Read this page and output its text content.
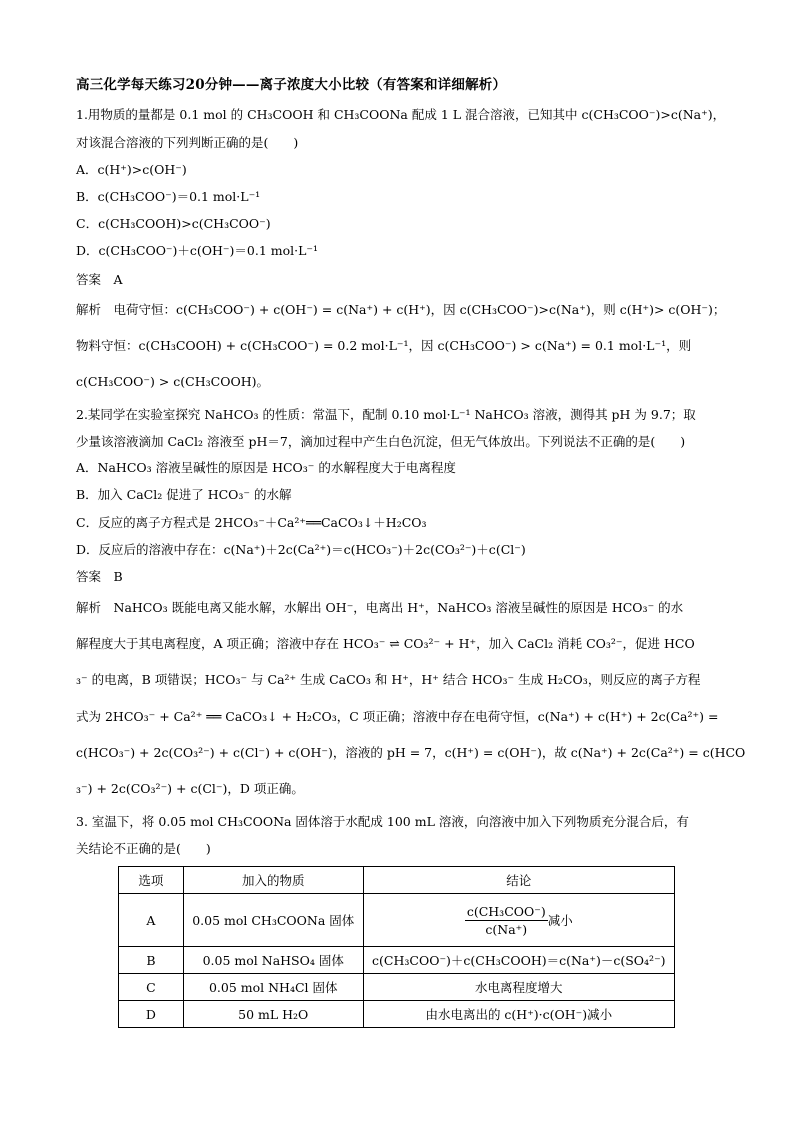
高三化学每天练习20分钟——离子浓度大小比较（有答案和详细解析）
1.用物质的量都是 0.1 mol 的 CH₃COOH 和 CH₃COONa 配成 1 L 混合溶液，已知其中 c(CH₃COO⁻)>c(Na⁺)，
对该混合溶液的下列判断正确的是(　　)
A．c(H⁺)>c(OH⁻)
B．c(CH₃COO⁻)＝0.1 mol·L⁻¹
C．c(CH₃COOH)>c(CH₃COO⁻)
D．c(CH₃COO⁻)＋c(OH⁻)＝0.1 mol·L⁻¹
答案　A
解析　电荷守恒：c(CH₃COO⁻) + c(OH⁻) = c(Na⁺) + c(H⁺)，因 c(CH₃COO⁻)>c(Na⁺)，则 c(H⁺)> c(OH⁻)；
物料守恒：c(CH₃COOH) + c(CH₃COO⁻) = 0.2 mol·L⁻¹，因 c(CH₃COO⁻) > c(Na⁺) = 0.1 mol·L⁻¹，则
c(CH₃COO⁻) > c(CH₃COOH)。
2.某同学在实验室探究 NaHCO₃ 的性质：常温下，配制 0.10 mol·L⁻¹ NaHCO₃ 溶液，测得其 pH 为 9.7；取
少量该溶液滴加 CaCl₂ 溶液至 pH＝7，滴加过程中产生白色沉淀，但无气体放出。下列说法不正确的是(　　)
A．NaHCO₃ 溶液呈碱性的原因是 HCO₃⁻ 的水解程度大于电离程度
B．加入 CaCl₂ 促进了 HCO₃⁻ 的水解
C．反应的离子方程式是 2HCO₃⁻＋Ca²⁺══CaCO₃↓＋H₂CO₃
D．反应后的溶液中存在：c(Na⁺)＋2c(Ca²⁺)＝c(HCO₃⁻)＋2c(CO₃²⁻)＋c(Cl⁻)
答案　B
解析　NaHCO₃ 既能电离又能水解，水解出 OH⁻，电离出 H⁺，NaHCO₃ 溶液呈碱性的原因是 HCO₃⁻ 的水
解程度大于其电离程度，A 项正确；溶液中存在 HCO₃⁻ ⇌ CO₃²⁻ + H⁺，加入 CaCl₂ 消耗 CO₃²⁻，促进 HCO
₃⁻ 的电离，B 项错误；HCO₃⁻ 与 Ca²⁺ 生成 CaCO₃ 和 H⁺，H⁺ 结合 HCO₃⁻ 生成 H₂CO₃，则反应的离子方程
式为 2HCO₃⁻ + Ca²⁺ ══ CaCO₃↓ + H₂CO₃，C 项正确；溶液中存在电荷守恒，c(Na⁺) + c(H⁺) + 2c(Ca²⁺) =
c(HCO₃⁻) + 2c(CO₃²⁻) + c(Cl⁻) + c(OH⁻)，溶液的 pH = 7，c(H⁺) = c(OH⁻)，故 c(Na⁺) + 2c(Ca²⁺) = c(HCO
₃⁻) + 2c(CO₃²⁻) + c(Cl⁻)，D 项正确。
3. 室温下，将 0.05 mol CH₃COONa 固体溶于水配成 100 mL 溶液，向溶液中加入下列物质充分混合后，有
关结论不正确的是(　　)
选项	加入的物质	结论
A	0.05 mol CH₃COONa 固体	$\frac{\text{c(CH₃COO⁻)}}{c(Na^+)}$ 减小

B	0.05 mol NaHSO₄ 固体	c(CH₃COO⁻)＋c(CH₃COOH)＝c(Na⁺)－c(SO₄²⁻)
C	0.05 mol NH₄Cl 固体	水电离程度增大
D	50 mL H₂O	由水电离出的 c(H⁺)·c(OH⁻)减小
